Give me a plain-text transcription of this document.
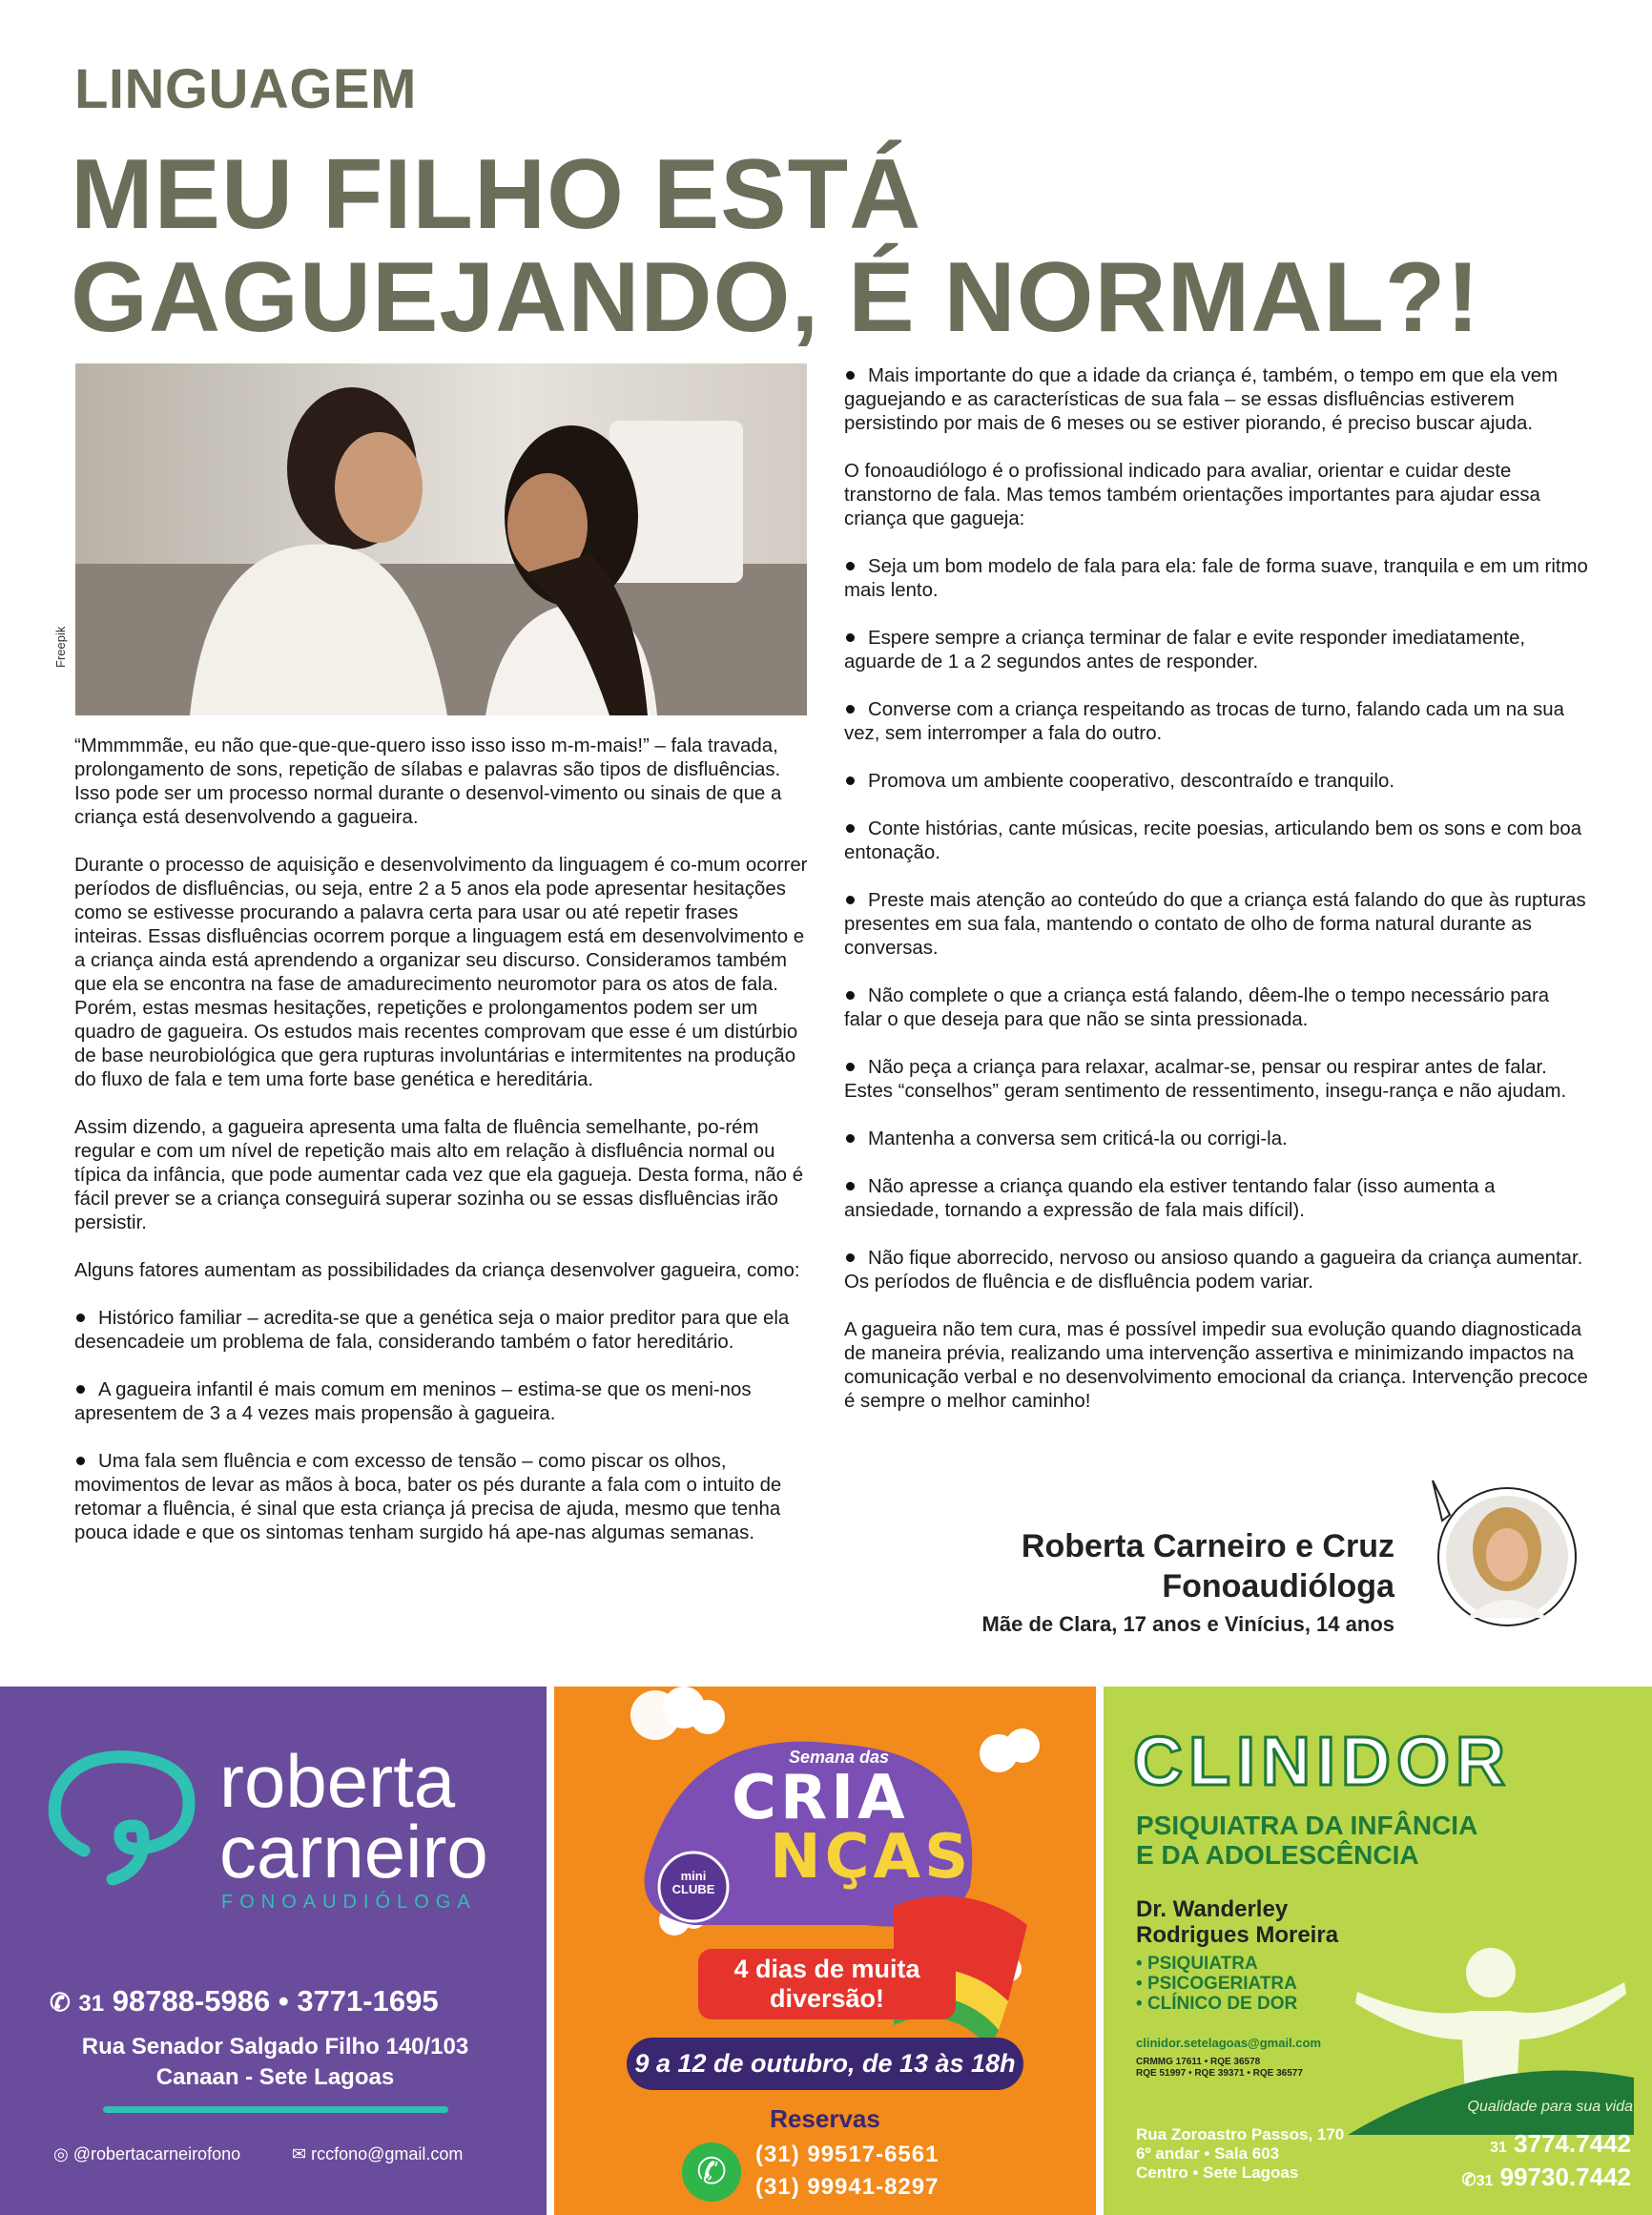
LINGUAGEM
MEU FILHO ESTÁ
GAGUEJANDO, É NORMAL?!
Freepik

“Mmmmmãe, eu não que-que-que-quero isso isso isso m-m-mais!” – fala travada, prolongamento de sons, repetição de sílabas e palavras são tipos de disfluências. Isso pode ser um processo normal durante o desenvol-vimento ou sinais de que a criança está desenvolvendo a gagueira.

Durante o processo de aquisição e desenvolvimento da linguagem é co-mum ocorrer períodos de disfluências, ou seja, entre 2 a 5 anos ela pode apresentar hesitações como se estivesse procurando a palavra certa para usar ou até repetir frases inteiras. Essas disfluências ocorrem porque a linguagem está em desenvolvimento e a criança ainda está aprendendo a organizar seu discurso. Consideramos também que ela se encontra na fase de amadurecimento neuromotor para os atos de fala. Porém, estas mesmas hesitações, repetições e prolongamentos podem ser um quadro de gagueira. Os estudos mais recentes comprovam que esse é um distúrbio de base neurobiológica que gera rupturas involuntárias e intermitentes na produção do fluxo de fala e tem uma forte base genética e hereditária.

Assim dizendo, a gagueira apresenta uma falta de fluência semelhante, po-rém regular e com um nível de repetição mais alto em relação à disfluência normal ou típica da infância, que pode aumentar cada vez que ela gagueja. Desta forma, não é fácil prever se a criança conseguirá superar sozinha ou se essas disfluências irão persistir.

Alguns fatores aumentam as possibilidades da criança desenvolver gagueira, como:

Histórico familiar – acredita-se que a genética seja o maior preditor para que ela desencadeie um problema de fala, considerando também o fator hereditário.

A gagueira infantil é mais comum em meninos – estima-se que os meni-nos apresentem de 3 a 4 vezes mais propensão à gagueira.

Uma fala sem fluência e com excesso de tensão – como piscar os olhos, movimentos de levar as mãos à boca, bater os pés durante a fala com o intuito de retomar a fluência, é sinal que esta criança já precisa de ajuda, mesmo que tenha pouca idade e que os sintomas tenham surgido há ape-nas algumas semanas.

Mais importante do que a idade da criança é, também, o tempo em que ela vem gaguejando e as características de sua fala – se essas disfluências estiverem persistindo por mais de 6 meses ou se estiver piorando, é preciso buscar ajuda.

O fonoaudiólogo é o profissional indicado para avaliar, orientar e cuidar deste transtorno de fala. Mas temos também orientações importantes para ajudar essa criança que gagueja:

Seja um bom modelo de fala para ela: fale de forma suave, tranquila e em um ritmo mais lento.

Espere sempre a criança terminar de falar e evite responder imediatamente, aguarde de 1 a 2 segundos antes de responder.

Converse com a criança respeitando as trocas de turno, falando cada um na sua vez, sem interromper a fala do outro.

Promova um ambiente cooperativo, descontraído e tranquilo.

Conte histórias, cante músicas, recite poesias, articulando bem os sons e com boa entonação.

Preste mais atenção ao conteúdo do que a criança está falando do que às rupturas presentes em sua fala, mantendo o contato de olho de forma natural durante as conversas.

Não complete o que a criança está falando, dêem-lhe o tempo necessário para falar o que deseja para que não se sinta pressionada.

Não peça a criança para relaxar, acalmar-se, pensar ou respirar antes de falar. Estes “conselhos” geram sentimento de ressentimento, insegu-rança e não ajudam.

Mantenha a conversa sem criticá-la ou corrigi-la.

Não apresse a criança quando ela estiver tentando falar (isso aumenta a ansiedade, tornando a expressão de fala mais difícil).

Não fique aborrecido, nervoso ou ansioso quando a gagueira da criança aumentar. Os períodos de fluência e de disfluência podem variar.

A gagueira não tem cura, mas é possível impedir sua evolução quando diagnosticada de maneira prévia, realizando uma intervenção assertiva e minimizando impactos na comunicação verbal e no desenvolvimento emocional da criança. Intervenção precoce é sempre o melhor caminho!

Roberta Carneiro e Cruz
Fonoaudióloga
Mãe de Clara, 17 anos e Vinícius, 14 anos
roberta
carneiro
FONOAUDIÓLOGA
✆ 31 98788-5986 • 3771-1695
Rua Senador Salgado Filho 140/103
Canaan - Sete Lagoas
◎ @robertacarneirofono	✉ rccfono@gmail.com
Semana das
CRIA
NÇAS
mini
CLUBE
4 dias de muita diversão!
9 a 12 de outubro, de 13 às 18h
Reservas
✆	(31) 99517-6561
(31) 99941-8297
CLINIDOR
PSIQUIATRA DA INFÂNCIA
E DA ADOLESCÊNCIA
Dr. Wanderley
Rodrigues Moreira
• PSIQUIATRA
• PSICOGERIATRA
• CLÍNICO DE DOR
clinidor.setelagoas@gmail.com
CRMMG 17611 • RQE 36578
RQE 51997 • RQE 39371 • RQE 36577
Qualidade para sua vida
Rua Zoroastro Passos, 170
6º andar • Sala 603
Centro • Sete Lagoas
31 3774.7442
✆31 99730.7442
